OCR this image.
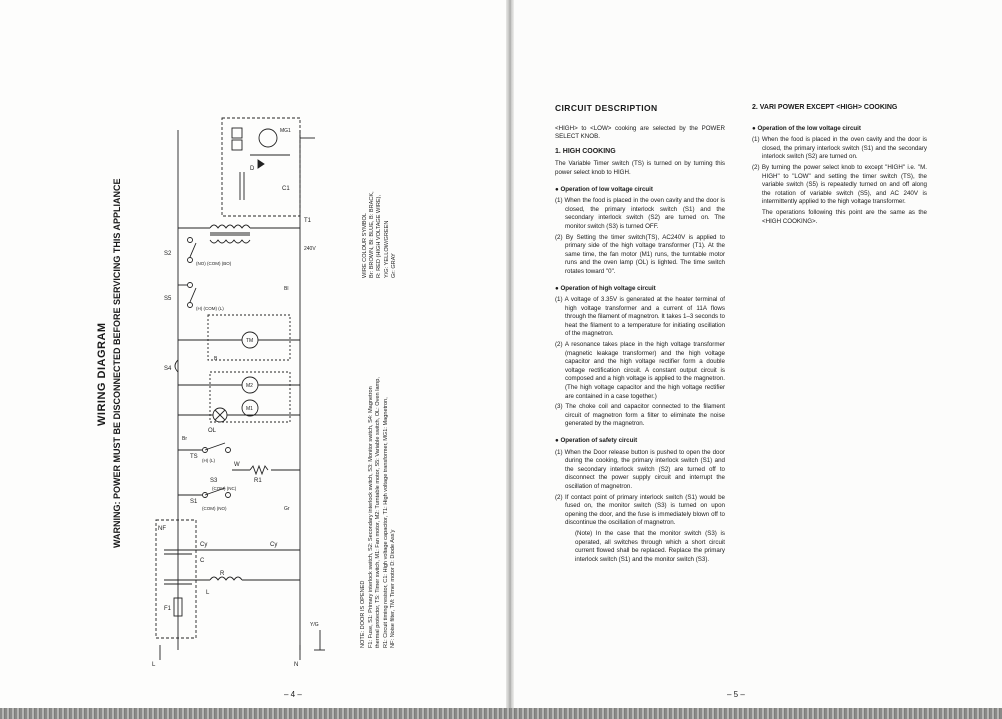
WIRING DIAGRAM WARNING: POWER MUST BE DISCONNECTED BEFORE SERVICING THIS APPLIANCE
L	N
NF
F1
C
Cy	Cy
R
L
S1
(COM) (NO)
TS
(H) (L)
S3
(COM) (NC)
W
R1
OL
M1
M2
TM
S4
S5
(H) (COM) (L)
S2
(NO) (COM) (BO)
T1
240V
D
C1
MG1
Y/G
Br
Bl
B
Gr
WIRE COLOUR SYMBOL Br: BROWN, Bl: BLUE, B: BRACK, R: RED (HIGH VOLTAGE WIRE), Y/G: YELLOW/GREEN Gr: GRAY
NOTE: DOOR IS OPENED F1: Fuse, S1: Primary interlock switch, S2: Secondary interlock switch, S3: Monitor switch, S4: Magnetron thermal protector, TS: Timer switch, M1: Fan motor, M2: Turntable motor, S5: Variable switch, OL: Oven lamp, R1: Circuit timing resistor, C1: High voltage capacitor, T1: High voltage transformer, MG1: Magnetron, NF: Noise filter, TM: Timer motor D: Diode Ass'y
– 4 –
CIRCUIT DESCRIPTION
<HIGH> to <LOW> cooking are selected by the POWER SELECT KNOB.
1. HIGH COOKING
The Variable Timer switch (TS) is turned on by turning this power select knob to HIGH.
● Operation of low voltage circuit
(1) When the food is placed in the oven cavity and the door is closed, the primary interlock switch (S1) and the secondary interlock switch (S2) are turned on. The monitor switch (S3) is turned OFF.
(2) By Setting the timer switch(TS), AC240V is applied to primary side of the high voltage transformer (T1). At the same time, the fan motor (M1) runs, the turntable motor runs and the oven lamp (OL) is lighted. The time switch rotates toward "0".
● Operation of high voltage circuit
(1) A voltage of 3.35V is generated at the heater terminal of high voltage transformer and a current of 11A flows through the filament of magnetron. It takes 1–3 seconds to heat the filament to a temperature for initiating oscillation of the magnetron.
(2) A resonance takes place in the high voltage transformer (magnetic leakage transformer) and the high voltage capacitor and the high voltage rectifier form a double voltage rectification circuit. A constant output circuit is composed and a high voltage is applied to the magnetron. (The high voltage capacitor and the high voltage rectifier are contained in a case together.)
(3) The choke coil and capacitor connected to the filament circuit of magnetron form a filter to eliminate the noise generated by the magnetron.
● Operation of safety circuit
(1) When the Door release button is pushed to open the door during the cooking, the primary interlock switch (S1) and the secondary interlock switch (S2) are turned off to disconnect the power supply circuit and interrupt the oscillation of magnetron.
(2) If contact point of primary interlock switch (S1) would be fused on, the monitor switch (S3) is turned on upon opening the door, and the fuse is immediately blown off to discontinue the oscillation of magnetron.
(Note) In the case that the monitor switch (S3) is operated, all switches through which a short circuit current flowed shall be replaced. Replace the primary interlock switch (S1) and the monitor switch (S3).
2. VARI POWER EXCEPT <HIGH> COOKING
● Operation of the low voltage circuit
(1) When the food is placed in the oven cavity and the door is closed, the primary interlock switch (S1) and the secondary interlock switch (S2) are turned on.
(2) By turning the power select knob to except "HIGH" i.e. "M. HIGH" to "LOW" and setting the timer switch (TS), the variable switch (S5) is repeatedly turned on and off along the rotation of variable switch (S5), and AC 240V is intermittently applied to the high voltage transformer.
The operations following this point are the same as the <HIGH COOKING>.
– 5 –
